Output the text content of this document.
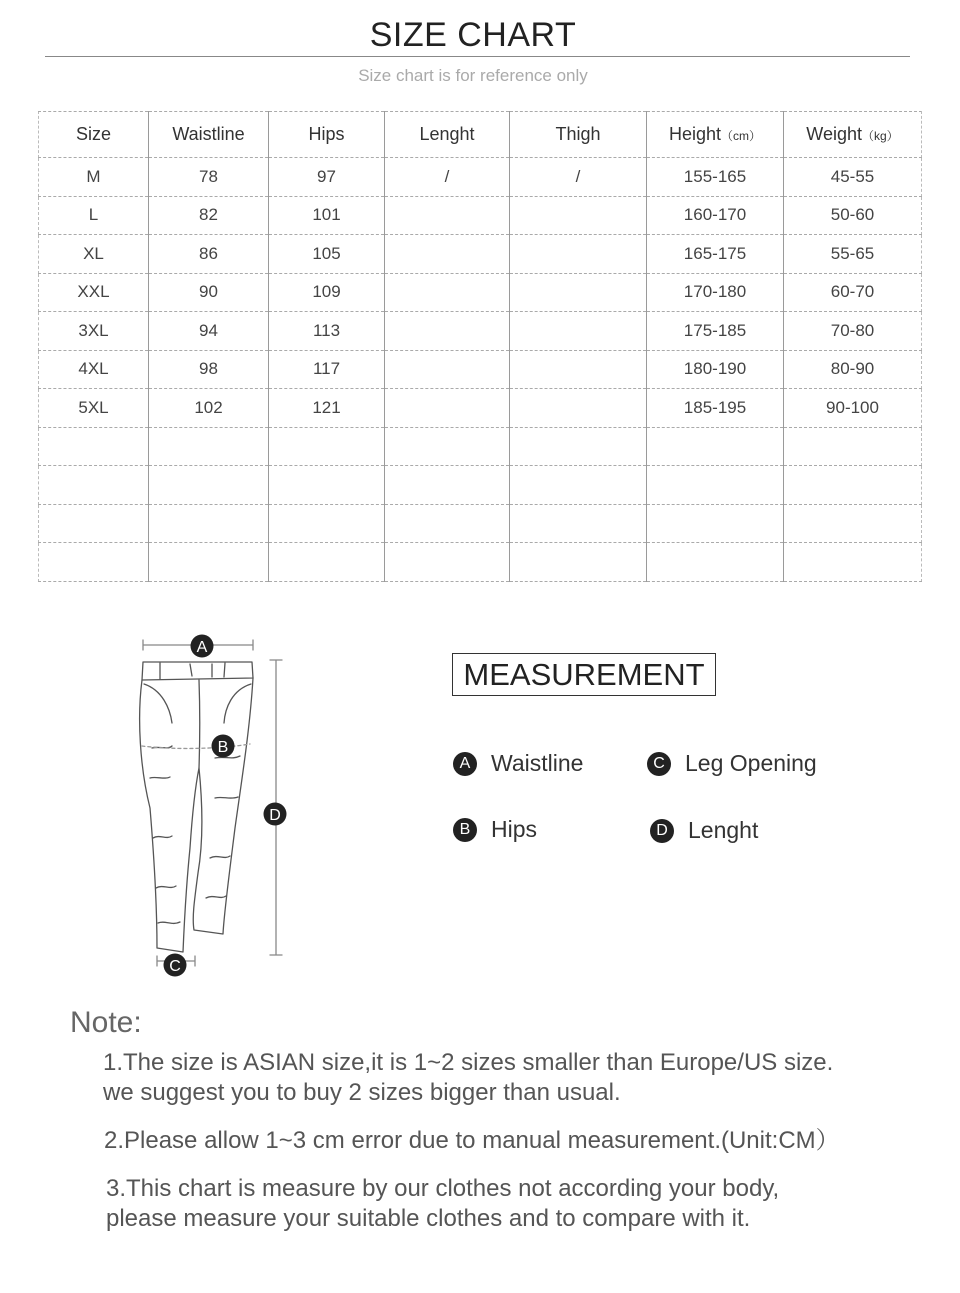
SIZE CHART
Size chart is for reference only
Size	Waistline	Hips	Lenght	Thigh	Height（cm）	Weight（kg）
M	78	97	/	/	155-165	45-55
L	82	101			160-170	50-60
XL	86	105			165-175	55-65
XXL	90	109			170-180	60-70
3XL	94	113			175-185	70-80
4XL	98	117			180-190	80-90
5XL	102	121			185-195	90-100

A
B
C
D
MEASUREMENT
A Waistline	C Leg Opening
B Hips	D Lenght
Note:
1.The size is ASIAN size,it is 1~2 sizes smaller than Europe/US size.
we suggest you to buy 2 sizes bigger than usual.
2.Please allow 1~3 cm error due to manual measurement.(Unit:CM）
3.This chart is measure by our clothes not according your body,
please measure your suitable clothes and to compare with it.
